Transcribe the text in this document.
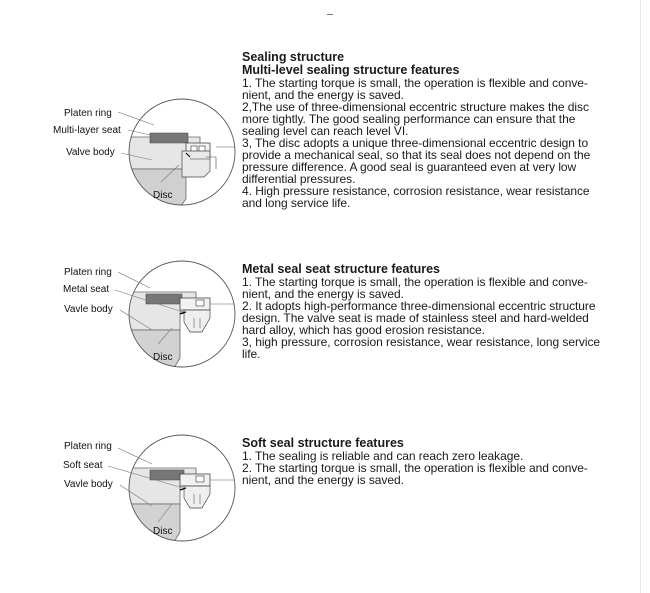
Platen ring
Multi-layer seat
Valve body
Disc
Sealing structure
Multi-level sealing structure features
1. The starting torque is small, the operation is flexible and conve-
nient, and the energy is saved.
2,The use of three-dimensional eccentric structure makes the disc
more tightly. The good sealing performance can ensure that the
sealing level can reach level VI.
3, The disc adopts a unique three-dimensional eccentric design to
provide a mechanical seal, so that its seal does not depend on the
pressure difference. A good seal is guaranteed even at very low
differential pressures.
4. High pressure resistance, corrosion resistance, wear resistance
and long service life.
Platen ring
Metal seat
Vavle body
Disc
Metal seal seat structure features
1. The starting torque is small, the operation is flexible and conve-
nient, and the energy is saved.
2. It adopts high-performance three-dimensional eccentric structure
design. The valve seat is made of stainless steel and hard-welded
hard alloy, which has good erosion resistance.
3, high pressure, corrosion resistance, wear resistance, long service
life.
Platen ring
Soft seat
Vavle body
Disc
Soft seal structure features
1. The sealing is reliable and can reach zero leakage.
2. The starting torque is small, the operation is flexible and conve-
nient, and the energy is saved.
